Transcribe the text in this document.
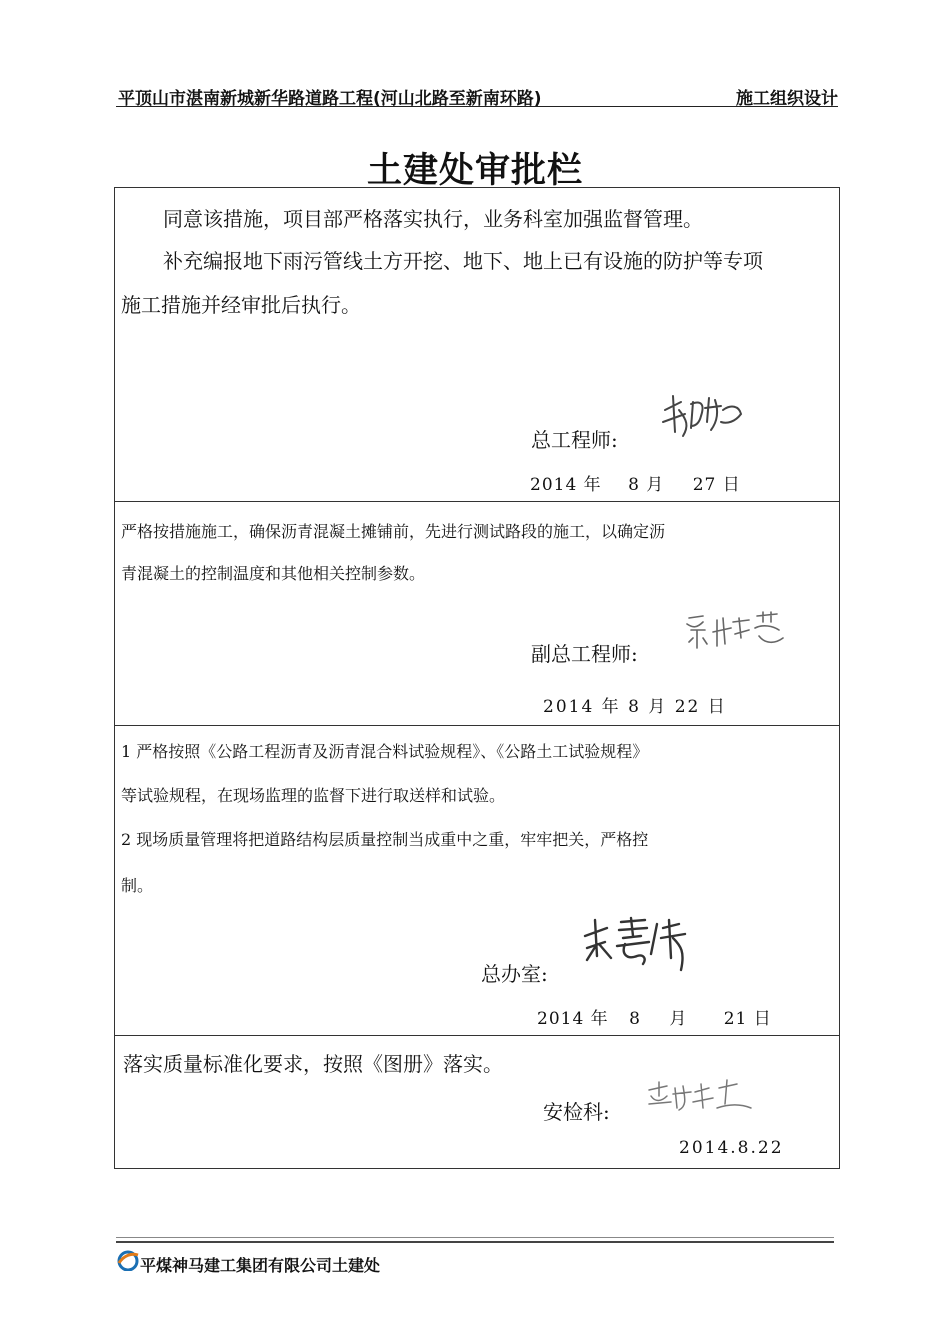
平顶山市湛南新城新华路道路工程(河山北路至新南环路)	施工组织设计
土建处审批栏
同意该措施，项目部严格落实执行，业务科室加强监督管理。
补充编报地下雨污管线土方开挖、地下、地上已有设施的防护等专项
施工措施并经审批后执行。
总工程师:
2014 年 8 月 27 日
严格按措施施工，确保沥青混凝土摊铺前，先进行测试路段的施工，以确定沥
青混凝土的控制温度和其他相关控制参数。
副总工程师:
2014 年 8 月 22 日
1 严格按照《公路工程沥青及沥青混合料试验规程》、《公路土工试验规程》
等试验规程，在现场监理的监督下进行取送样和试验。
2 现场质量管理将把道路结构层质量控制当成重中之重，牢牢把关，严格控
制。
总办室:
2014 年 8 月 21 日
落实质量标准化要求，按照《图册》落实。
安检科:
2014.8.22
平煤神马建工集团有限公司土建处
